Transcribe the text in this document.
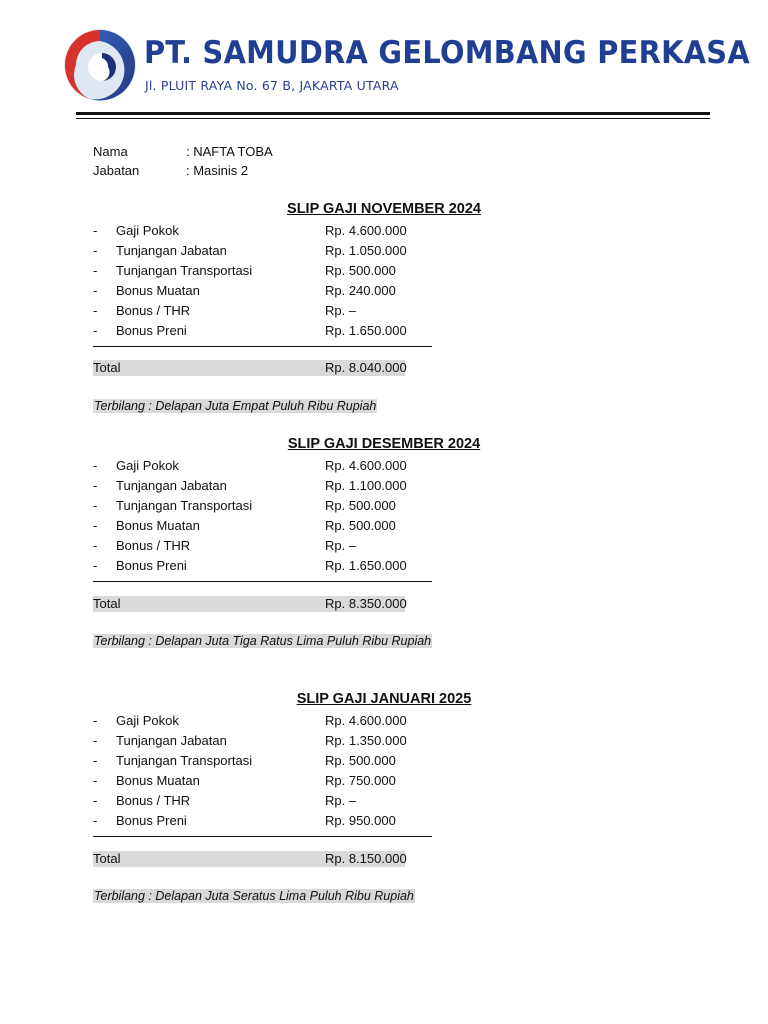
PT. SAMUDRA GELOMBANG PERKASA
Jl. PLUIT RAYA No. 67 B, JAKARTA UTARA
Nama	: NAFTA TOBA
Jabatan	: Masinis 2
SLIP GAJI NOVEMBER 2024
- Gaji Pokok	Rp. 4.600.000
- Tunjangan Jabatan	Rp. 1.050.000
- Tunjangan Transportasi	Rp. 500.000
- Bonus Muatan	Rp. 240.000
- Bonus / THR	Rp. –
- Bonus Preni	Rp. 1.650.000
Total	Rp. 8.040.000
Terbilang : Delapan Juta Empat Puluh Ribu Rupiah
SLIP GAJI DESEMBER 2024
- Gaji Pokok	Rp. 4.600.000
- Tunjangan Jabatan	Rp. 1.100.000
- Tunjangan Transportasi	Rp. 500.000
- Bonus Muatan	Rp. 500.000
- Bonus / THR	Rp. –
- Bonus Preni	Rp. 1.650.000
Total	Rp. 8.350.000
Terbilang : Delapan Juta Tiga Ratus Lima Puluh Ribu Rupiah
SLIP GAJI JANUARI 2025
- Gaji Pokok	Rp. 4.600.000
- Tunjangan Jabatan	Rp. 1.350.000
- Tunjangan Transportasi	Rp. 500.000
- Bonus Muatan	Rp. 750.000
- Bonus / THR	Rp. –
- Bonus Preni	Rp. 950.000
Total	Rp. 8.150.000
Terbilang : Delapan Juta Seratus Lima Puluh Ribu Rupiah
